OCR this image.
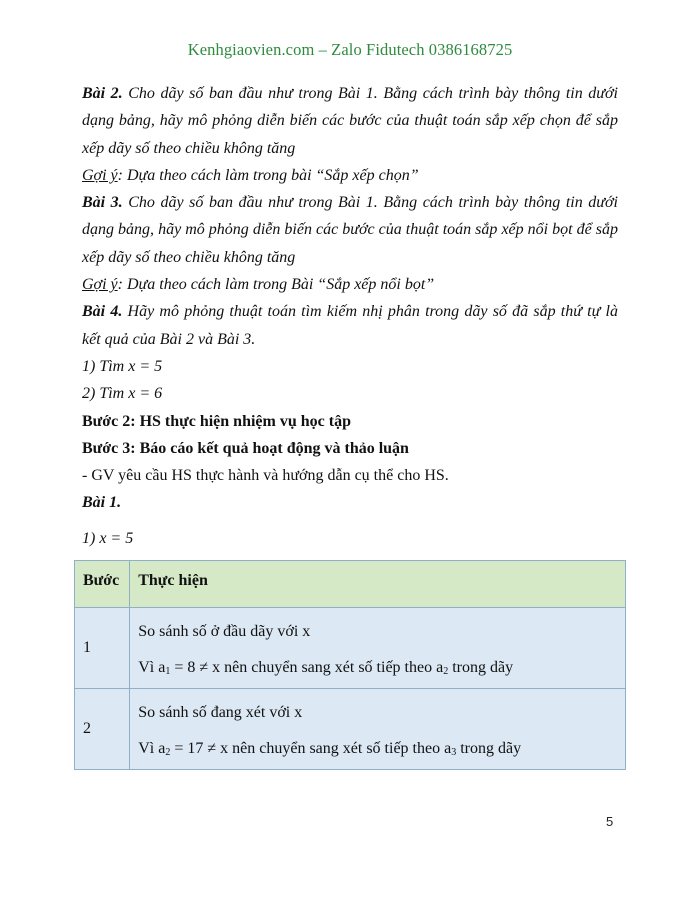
Kenhgiaovien.com – Zalo Fidutech 0386168725

Bài 2. Cho dãy số ban đầu như trong Bài 1. Bằng cách trình bày thông tin dưới dạng bảng, hãy mô phỏng diễn biến các bước của thuật toán sắp xếp chọn để sắp xếp dãy số theo chiều không tăng

Gợi ý: Dựa theo cách làm trong bài “Sắp xếp chọn”

Bài 3. Cho dãy số ban đầu như trong Bài 1. Bằng cách trình bày thông tin dưới dạng bảng, hãy mô phỏng diễn biến các bước của thuật toán sắp xếp nổi bọt để sắp xếp dãy số theo chiều không tăng

Gợi ý: Dựa theo cách làm trong Bài “Sắp xếp nổi bọt”

Bài 4. Hãy mô phỏng thuật toán tìm kiếm nhị phân trong dãy số đã sắp thứ tự là kết quả của Bài 2 và Bài 3.

1) Tìm x = 5

2) Tìm x = 6

Bước 2: HS thực hiện nhiệm vụ học tập

Bước 3: Báo cáo kết quả hoạt động và thảo luận

- GV yêu cầu HS thực hành và hướng dẫn cụ thể cho HS.

Bài 1.

1) x = 5

Bước	Thực hiện
1	So sánh số ở đầu dãy với x
Vì $a_1 = 8 \ne x$ nên chuyển sang xét số tiếp theo $a_2$ trong dãy

2	So sánh số đang xét với x
Vì $a_2 = 17 \ne x$ nên chuyển sang xét số tiếp theo $a_3$ trong dãy
5
